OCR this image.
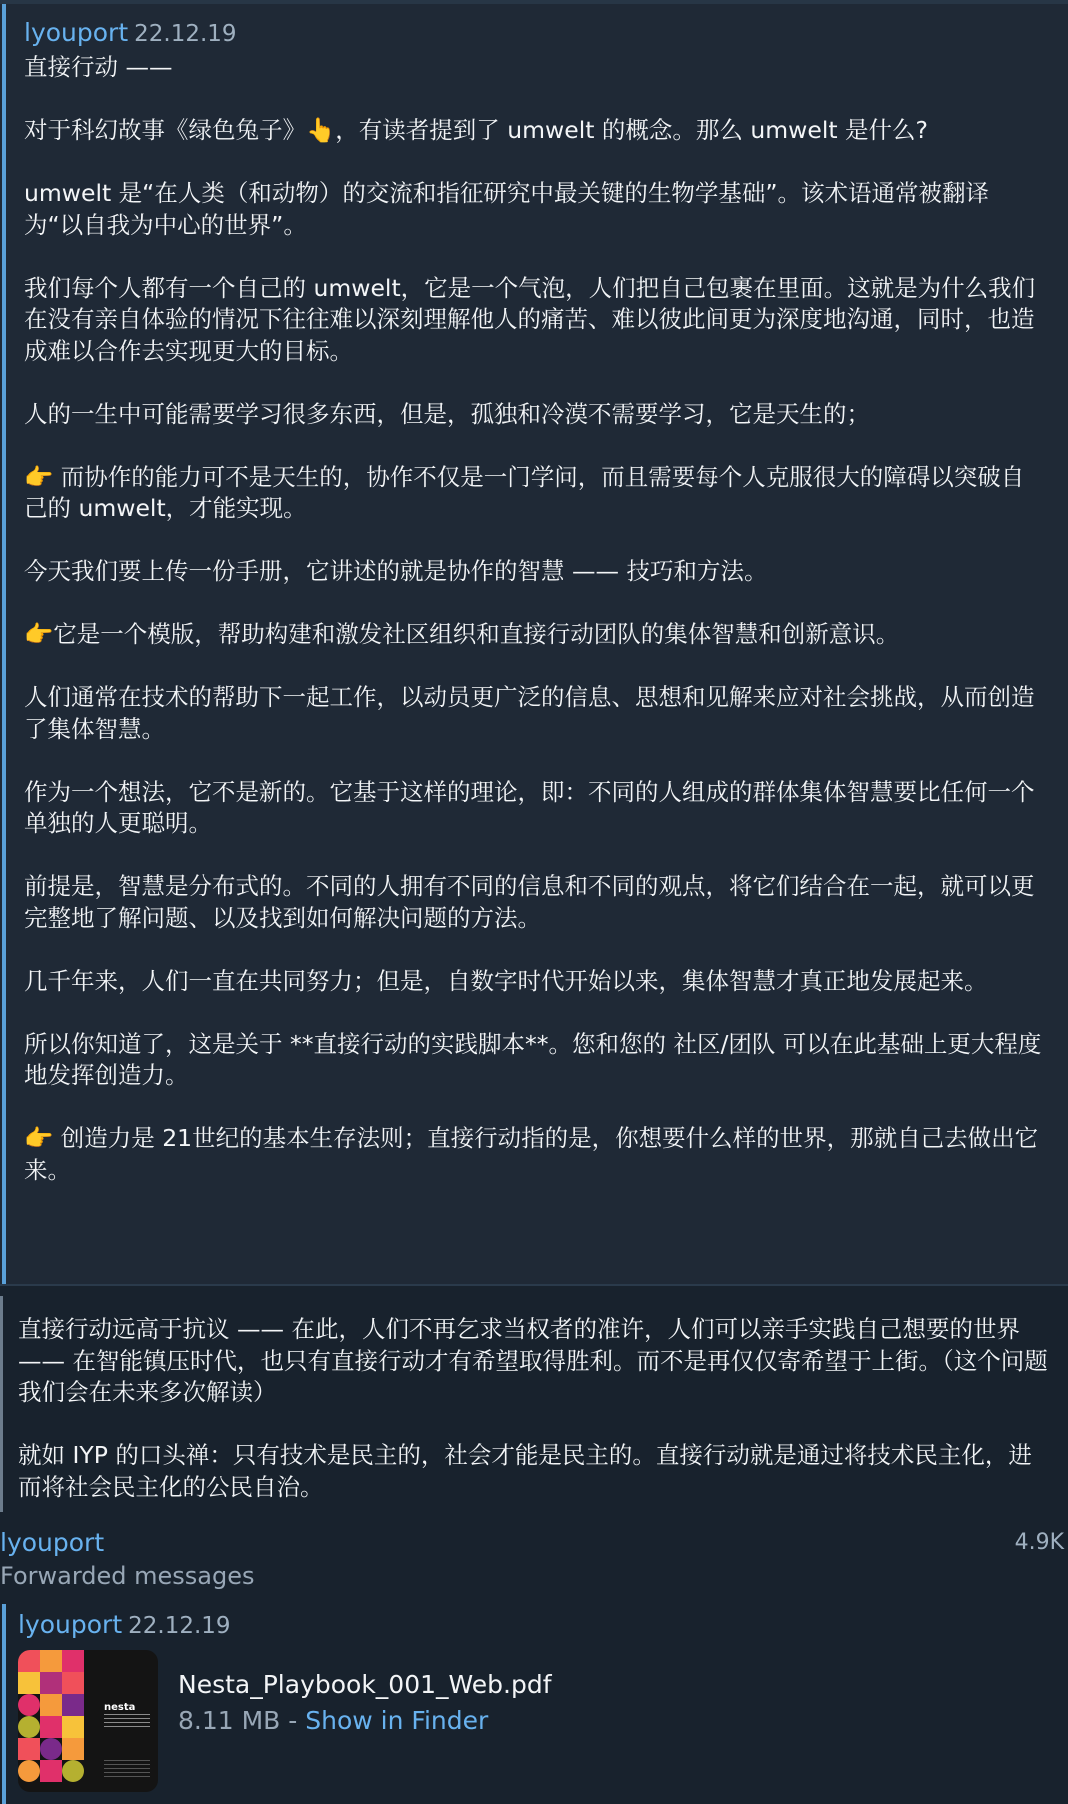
lyouport 22.12.19
直接行动 ——
对于科幻故事《绿色兔子》👆，有读者提到了 umwelt 的概念。那么 umwelt 是什么?
umwelt 是“在人类（和动物）的交流和指征研究中最关键的生物学基础”。该术语通常被翻译为“以自我为中心的世界”。
我们每个人都有一个自己的 umwelt，它是一个气泡，人们把自己包裹在里面。这就是为什么我们在没有亲自体验的情况下往往难以深刻理解他人的痛苦、难以彼此间更为深度地沟通，同时，也造成难以合作去实现更大的目标。
人的一生中可能需要学习很多东西，但是，孤独和冷漠不需要学习，它是天生的；
👉 而协作的能力可不是天生的，协作不仅是一门学问，而且需要每个人克服很大的障碍以突破自己的 umwelt，才能实现。
今天我们要上传一份手册，它讲述的就是协作的智慧 —— 技巧和方法。
👉它是一个模版，帮助构建和激发社区组织和直接行动团队的集体智慧和创新意识。
人们通常在技术的帮助下一起工作，以动员更广泛的信息、思想和见解来应对社会挑战，从而创造了集体智慧。
作为一个想法，它不是新的。它基于这样的理论，即：不同的人组成的群体集体智慧要比任何一个单独的人更聪明。
前提是，智慧是分布式的。不同的人拥有不同的信息和不同的观点，将它们结合在一起，就可以更完整地了解问题、以及找到如何解决问题的方法。
几千年来，人们一直在共同努力；但是，自数字时代开始以来，集体智慧才真正地发展起来。
所以你知道了，这是关于 **直接行动的实践脚本**。您和您的 社区/团队 可以在此基础上更大程度地发挥创造力。
👉 创造力是 21世纪的基本生存法则；直接行动指的是，你想要什么样的世界，那就自己去做出它来。
直接行动远高于抗议 —— 在此，人们不再乞求当权者的准许，人们可以亲手实践自己想要的世界 —— 在智能镇压时代，也只有直接行动才有希望取得胜利。而不是再仅仅寄希望于上街。（这个问题我们会在未来多次解读）
就如 IYP 的口头禅：只有技术是民主的，社会才能是民主的。直接行动就是通过将技术民主化，进而将社会民主化的公民自治。
lyouport	4.9K
Forwarded messages
lyouport 22.12.19
nesta
Nesta_Playbook_001_Web.pdf
8.11 MB - Show in Finder
